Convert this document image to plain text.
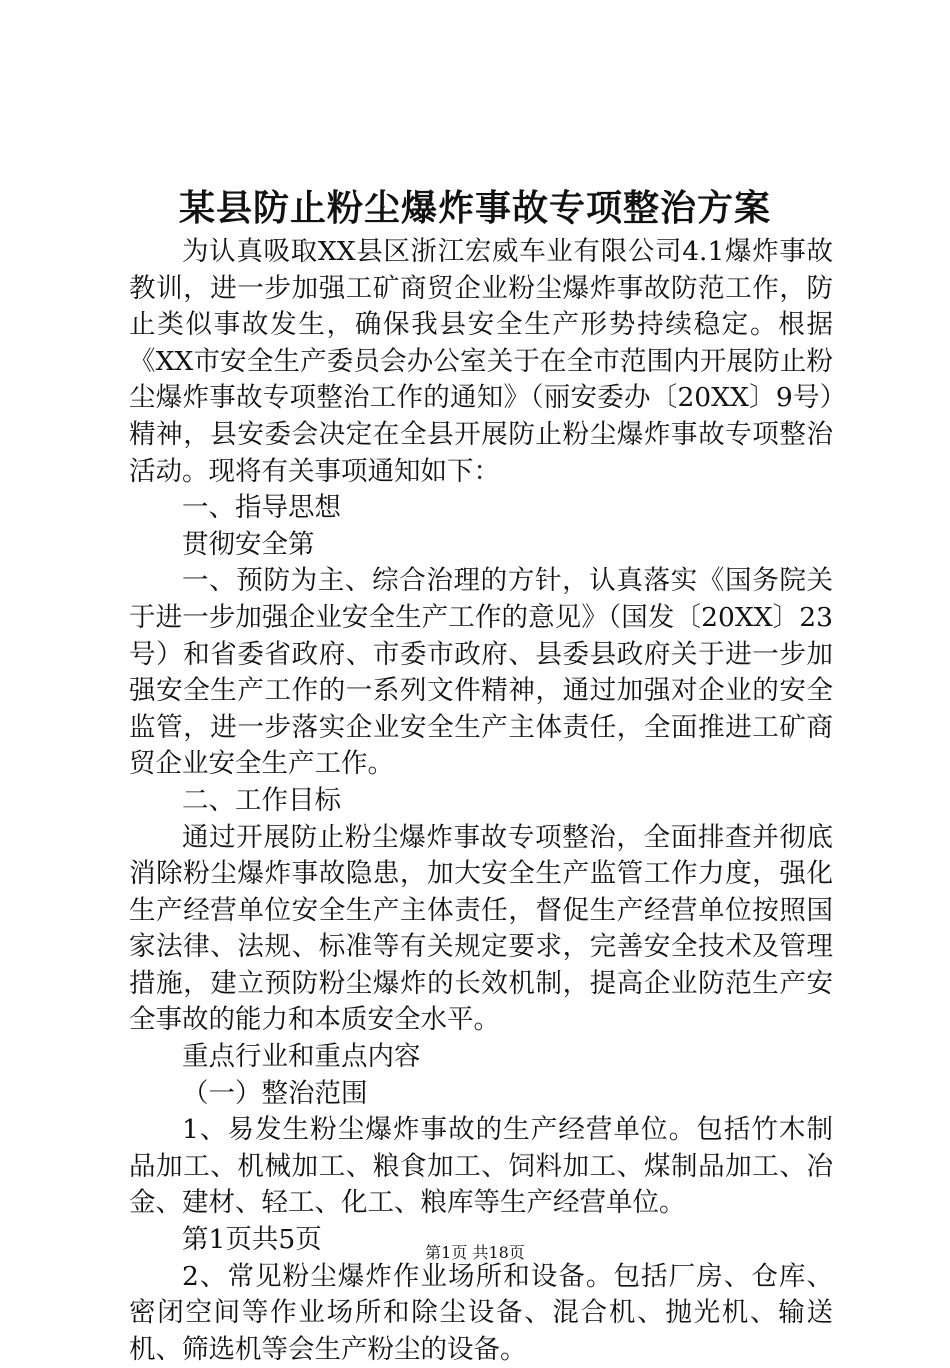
某县防止粉尘爆炸事故专项整治方案

为认真吸取XX县区浙江宏威车业有限公司4.1爆炸事故教训，进一步加强工矿商贸企业粉尘爆炸事故防范工作，防止类似事故发生，确保我县安全生产形势持续稳定。根据《XX市安全生产委员会办公室关于在全市范围内开展防止粉尘爆炸事故专项整治工作的通知》（丽安委办〔20XX〕9号）精神，县安委会决定在全县开展防止粉尘爆炸事故专项整治活动。现将有关事项通知如下：

一、指导思想

贯彻安全第

一、预防为主、综合治理的方针，认真落实《国务院关于进一步加强企业安全生产工作的意见》（国发〔20XX〕23号）和省委省政府、市委市政府、县委县政府关于进一步加强安全生产工作的一系列文件精神，通过加强对企业的安全监管，进一步落实企业安全生产主体责任，全面推进工矿商贸企业安全生产工作。

二、工作目标

通过开展防止粉尘爆炸事故专项整治，全面排查并彻底消除粉尘爆炸事故隐患，加大安全生产监管工作力度，强化生产经营单位安全生产主体责任，督促生产经营单位按照国家法律、法规、标准等有关规定要求，完善安全技术及管理措施，建立预防粉尘爆炸的长效机制，提高企业防范生产安全事故的能力和本质安全水平。

重点行业和重点内容

（一）整治范围

1、易发生粉尘爆炸事故的生产经营单位。包括竹木制品加工、机械加工、粮食加工、饲料加工、煤制品加工、冶金、建材、轻工、化工、粮库等生产经营单位。

第1页共5页

2、常见粉尘爆炸作业场所和设备。包括厂房、仓库、密闭空间等作业场所和除尘设备、混合机、抛光机、输送机、筛选机等会生产粉尘的设备。

第1页 共18页
